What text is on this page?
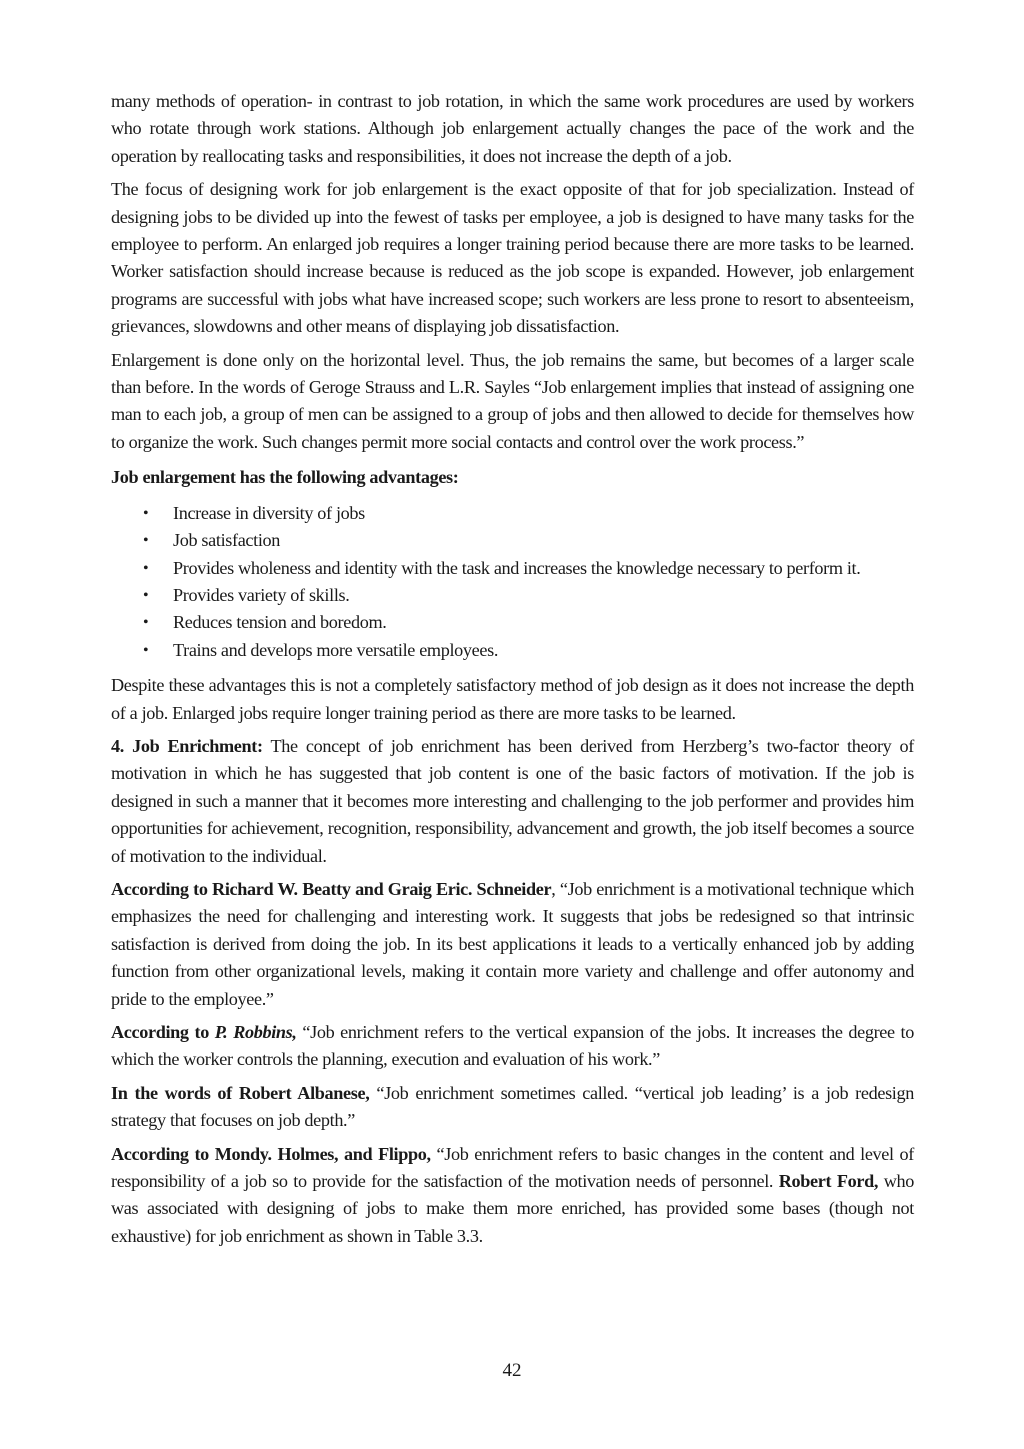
many methods of operation- in contrast to job rotation, in which the same work procedures are used by workers who rotate through work stations. Although job enlargement actually changes the pace of the work and the operation by reallocating tasks and responsibilities, it does not increase the depth of a job.

The focus of designing work for job enlargement is the exact opposite of that for job specialization. Instead of designing jobs to be divided up into the fewest of tasks per employee, a job is designed to have many tasks for the employee to perform. An enlarged job requires a longer training period because there are more tasks to be learned. Worker satisfaction should increase because is reduced as the job scope is expanded. However, job enlargement programs are successful with jobs what have increased scope; such workers are less prone to resort to absenteeism, grievances, slowdowns and other means of displaying job dissatisfaction.

Enlargement is done only on the horizontal level. Thus, the job remains the same, but becomes of a larger scale than before. In the words of Geroge Strauss and L.R. Sayles “Job enlargement implies that instead of assigning one man to each job, a group of men can be assigned to a group of jobs and then allowed to decide for themselves how to organize the work. Such changes permit more social contacts and control over the work process.”

Job enlargement has the following advantages:

• Increase in diversity of jobs
• Job satisfaction
• Provides wholeness and identity with the task and increases the knowledge necessary to perform it.
• Provides variety of skills.
• Reduces tension and boredom.
• Trains and develops more versatile employees.

Despite these advantages this is not a completely satisfactory method of job design as it does not increase the depth of a job. Enlarged jobs require longer training period as there are more tasks to be learned.

4. Job Enrichment: The concept of job enrichment has been derived from Herzberg’s two-factor theory of motivation in which he has suggested that job content is one of the basic factors of motivation. If the job is designed in such a manner that it becomes more interesting and challenging to the job performer and provides him opportunities for achievement, recognition, responsibility, advancement and growth, the job itself becomes a source of motivation to the individual.

According to Richard W. Beatty and Graig Eric. Schneider, “Job enrichment is a motivational technique which emphasizes the need for challenging and interesting work. It suggests that jobs be redesigned so that intrinsic satisfaction is derived from doing the job. In its best applications it leads to a vertically enhanced job by adding function from other organizational levels, making it contain more variety and challenge and offer autonomy and pride to the employee.”

According to P. Robbins, “Job enrichment refers to the vertical expansion of the jobs. It increases the degree to which the worker controls the planning, execution and evaluation of his work.”

In the words of Robert Albanese, “Job enrichment sometimes called. “vertical job leading’ is a job redesign strategy that focuses on job depth.”

According to Mondy. Holmes, and Flippo, “Job enrichment refers to basic changes in the content and level of responsibility of a job so to provide for the satisfaction of the motivation needs of personnel. Robert Ford, who was associated with designing of jobs to make them more enriched, has provided some bases (though not exhaustive) for job enrichment as shown in Table 3.3.

42
